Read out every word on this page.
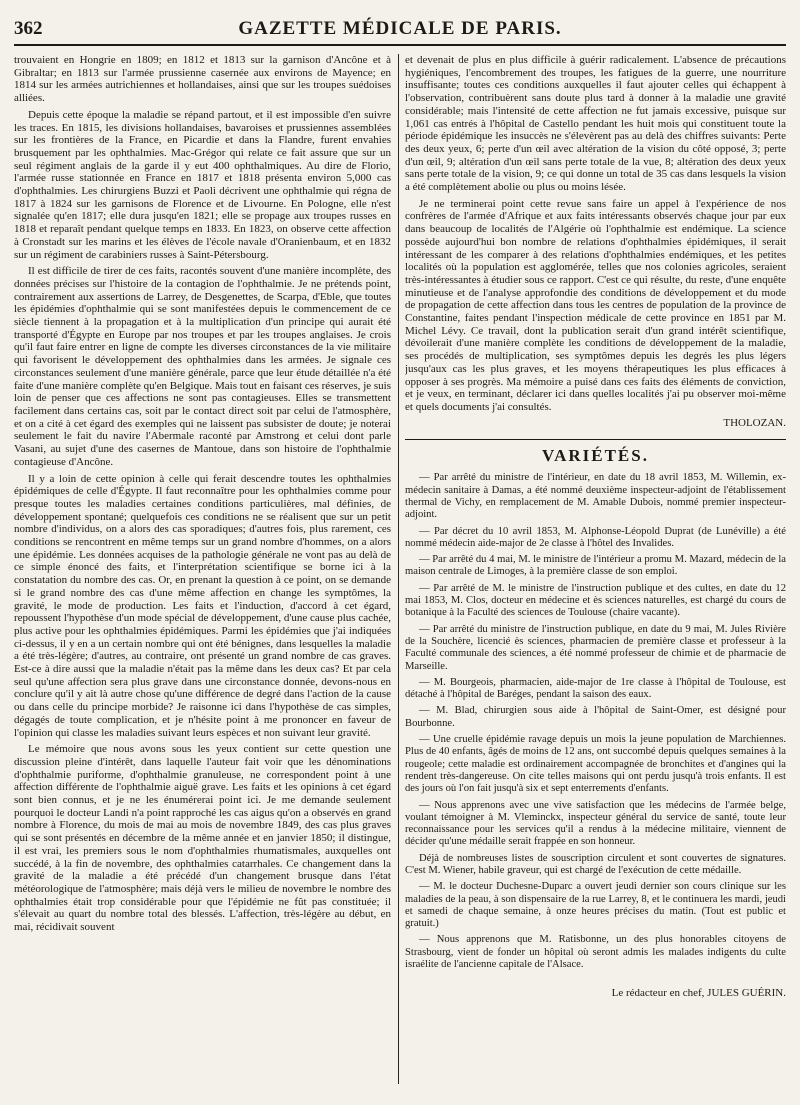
362	GAZETTE MÉDICALE DE PARIS.

trouvaient en Hongrie en 1809; en 1812 et 1813 sur la garnison d'Ancône et à Gibraltar; en 1813 sur l'armée prussienne casernée aux environs de Mayence; en 1814 sur les armées autrichiennes et hollandaises, ainsi que sur les troupes suédoises alliées.

Depuis cette époque la maladie se répand partout, et il est impossible d'en suivre les traces. En 1815, les divisions hollandaises, bavaroises et prussiennes assemblées sur les frontières de la France, en Picardie et dans la Flandre, furent envahies brusquement par les ophthalmies. Mac-Grégor qui relate ce fait assure que sur un seul régiment anglais de la garde il y eut 400 ophthalmiques. Au dire de Florio, l'armée russe stationnée en France en 1817 et 1818 présenta environ 5,000 cas d'ophthalmies. Les chirurgiens Buzzi et Paoli décrivent une ophthalmie qui régna de 1817 à 1824 sur les garnisons de Florence et de Livourne. En Pologne, elle n'est signalée qu'en 1817; elle dura jusqu'en 1821; elle se propage aux troupes russes en 1818 et reparaît pendant quelque temps en 1833. En 1823, on observe cette affection à Cronstadt sur les marins et les élèves de l'école navale d'Oranienbaum, et en 1832 sur un régiment de carabiniers russes à Saint-Pétersbourg.

Il est difficile de tirer de ces faits, racontés souvent d'une manière incomplète, des données précises sur l'histoire de la contagion de l'ophthalmie. Je ne prétends point, contrairement aux assertions de Larrey, de Desgenettes, de Scarpa, d'Eble, que toutes les épidémies d'ophthalmie qui se sont manifestées depuis le commencement de ce siècle tiennent à la propagation et à la multiplication d'un principe qui aurait été transporté d'Égypte en Europe par nos troupes et par les troupes anglaises. Je crois qu'il faut faire entrer en ligne de compte les diverses circonstances de la vie militaire qui favorisent le développement des ophthalmies dans les armées. Je signale ces circonstances seulement d'une manière générale, parce que leur étude détaillée n'a été faite d'une manière complète qu'en Belgique. Mais tout en faisant ces réserves, je suis loin de penser que ces affections ne sont pas contagieuses. Elles se transmettent facilement dans certains cas, soit par le contact direct soit par celui de l'atmosphère, et on a cité à cet égard des exemples qui ne laissent pas subsister de doute; je noterai seulement le fait du navire l'Abermale raconté par Amstrong et celui dont parle Vasani, au sujet d'une des casernes de Mantoue, dans son histoire de l'ophthalmie contagieuse d'Ancône.

Il y a loin de cette opinion à celle qui ferait descendre toutes les ophthalmies épidémiques de celle d'Égypte. Il faut reconnaître pour les ophthalmies comme pour presque toutes les maladies certaines conditions particulières, mal définies, de développement spontané; quelquefois ces conditions ne se réalisent que sur un petit nombre d'individus, on a alors des cas sporadiques; d'autres fois, plus rarement, ces conditions se rencontrent en même temps sur un grand nombre d'hommes, on a alors une épidémie. Les données acquises de la pathologie générale ne vont pas au delà de ce simple énoncé des faits, et l'interprétation scientifique se borne ici à la constatation du nombre des cas. Or, en prenant la question à ce point, on se demande si le grand nombre des cas d'une même affection en change les symptômes, la gravité, le mode de production. Les faits et l'induction, d'accord à cet égard, repoussent l'hypothèse d'un mode spécial de développement, d'une cause plus cachée, plus active pour les ophthalmies épidémiques. Parmi les épidémies que j'ai indiquées ci-dessus, il y en a un certain nombre qui ont été bénignes, dans lesquelles la maladie a été très-légère; d'autres, au contraire, ont présenté un grand nombre de cas graves. Est-ce à dire aussi que la maladie n'était pas la même dans les deux cas? Et par cela seul qu'une affection sera plus grave dans une circonstance donnée, devons-nous en conclure qu'il y ait là autre chose qu'une différence de degré dans l'action de la cause ou dans celle du principe morbide? Je raisonne ici dans l'hypothèse de cas simples, dégagés de toute complication, et je n'hésite point à me prononcer en faveur de l'opinion qui classe les maladies suivant leurs espèces et non suivant leur gravité.

Le mémoire que nous avons sous les yeux contient sur cette question une discussion pleine d'intérêt, dans laquelle l'auteur fait voir que les dénominations d'ophthalmie puriforme, d'ophthalmie granuleuse, ne correspondent point à une affection différente de l'ophthalmie aiguë grave. Les faits et les opinions à cet égard sont bien connus, et je ne les énumérerai point ici. Je me demande seulement pourquoi le docteur Landi n'a point rapproché les cas aigus qu'on a observés en grand nombre à Florence, du mois de mai au mois de novembre 1849, des cas plus graves qui se sont présentés en décembre de la même année et en janvier 1850; il distingue, il est vrai, les premiers sous le nom d'ophthalmies rhumatismales, auxquelles ont succédé, à la fin de novembre, des ophthalmies catarrhales. Ce changement dans la gravité de la maladie a été précédé d'un changement brusque dans l'état météorologique de l'atmosphère; mais déjà vers le milieu de novembre le nombre des ophthalmies était trop considérable pour que l'épidémie ne fût pas constituée; il s'élevait au quart du nombre total des blessés. L'affection, très-légère au début, en mai, récidivait souvent

et devenait de plus en plus difficile à guérir radicalement. L'absence de précautions hygiéniques, l'encombrement des troupes, les fatigues de la guerre, une nourriture insuffisante; toutes ces conditions auxquelles il faut ajouter celles qui échappent à l'observation, contribuèrent sans doute plus tard à donner à la maladie une gravité considérable; mais l'intensité de cette affection ne fut jamais excessive, puisque sur 1,061 cas entrés à l'hôpital de Castello pendant les huit mois qui constituent toute la période épidémique les insuccès ne s'élevèrent pas au delà des chiffres suivants: Perte des deux yeux, 6; perte d'un œil avec altération de la vision du côté opposé, 3; perte d'un œil, 9; altération d'un œil sans perte totale de la vue, 8; altération des deux yeux sans perte totale de la vision, 9; ce qui donne un total de 35 cas dans lesquels la vision a été complètement abolie ou plus ou moins lésée.

Je ne terminerai point cette revue sans faire un appel à l'expérience de nos confrères de l'armée d'Afrique et aux faits intéressants observés chaque jour par eux dans beaucoup de localités de l'Algérie où l'ophthalmie est endémique. La science possède aujourd'hui bon nombre de relations d'ophthalmies épidémiques, il serait intéressant de les comparer à des relations d'ophthalmies endémiques, et les petites localités où la population est agglomérée, telles que nos colonies agricoles, seraient très-intéressantes à étudier sous ce rapport. C'est ce qui résulte, du reste, d'une enquête minutieuse et de l'analyse approfondie des conditions de développement et du mode de propagation de cette affection dans tous les centres de population de la province de Constantine, faites pendant l'inspection médicale de cette province en 1851 par M. Michel Lévy. Ce travail, dont la publication serait d'un grand intérêt scientifique, dévoilerait d'une manière complète les conditions de développement de la maladie, ses procédés de multiplication, ses symptômes depuis les degrés les plus légers jusqu'aux cas les plus graves, et les moyens thérapeutiques les plus efficaces à opposer à ses progrès. Ma mémoire a puisé dans ces faits des éléments de conviction, et je veux, en terminant, déclarer ici dans quelles localités j'ai pu observer moi-même et quels documents j'ai consultés.

THOLOZAN.

VARIÉTÉS.

— Par arrêté du ministre de l'intérieur, en date du 18 avril 1853, M. Willemin, ex-médecin sanitaire à Damas, a été nommé deuxième inspecteur-adjoint de l'établissement thermal de Vichy, en remplacement de M. Amable Dubois, nommé premier inspecteur-adjoint.

— Par décret du 10 avril 1853, M. Alphonse-Léopold Duprat (de Lunéville) a été nommé médecin aide-major de 2e classe à l'hôtel des Invalides.

— Par arrêté du 4 mai, M. le ministre de l'intérieur a promu M. Mazard, médecin de la maison centrale de Limoges, à la première classe de son emploi.

— Par arrêté de M. le ministre de l'instruction publique et des cultes, en date du 12 mai 1853, M. Clos, docteur en médecine et ès sciences naturelles, est chargé du cours de botanique à la Faculté des sciences de Toulouse (chaire vacante).

— Par arrêté du ministre de l'instruction publique, en date du 9 mai, M. Jules Rivière de la Souchère, licencié ès sciences, pharmacien de première classe et professeur à la Faculté communale des sciences, a été nommé professeur de chimie et de pharmacie de Marseille.

— M. Bourgeois, pharmacien, aide-major de 1re classe à l'hôpital de Toulouse, est détaché à l'hôpital de Baréges, pendant la saison des eaux.

— M. Blad, chirurgien sous aide à l'hôpital de Saint-Omer, est désigné pour Bourbonne.

— Une cruelle épidémie ravage depuis un mois la jeune population de Marchiennes. Plus de 40 enfants, âgés de moins de 12 ans, ont succombé depuis quelques semaines à la rougeole; cette maladie est ordinairement accompagnée de bronchites et d'angines qui la rendent très-dangereuse. On cite telles maisons qui ont perdu jusqu'à trois enfants. Il est des jours où l'on fait jusqu'à six et sept enterrements d'enfants.

— Nous apprenons avec une vive satisfaction que les médecins de l'armée belge, voulant témoigner à M. Vleminckx, inspecteur général du service de santé, toute leur reconnaissance pour les services qu'il a rendus à la médecine militaire, viennent de décider qu'une médaille serait frappée en son honneur.

Déjà de nombreuses listes de souscription circulent et sont couvertes de signatures. C'est M. Wiener, habile graveur, qui est chargé de l'exécution de cette médaille.

— M. le docteur Duchesne-Duparc a ouvert jeudi dernier son cours clinique sur les maladies de la peau, à son dispensaire de la rue Larrey, 8, et le continuera les mardi, jeudi et samedi de chaque semaine, à onze heures précises du matin. (Tout est public et gratuit.)

— Nous apprenons que M. Ratisbonne, un des plus honorables citoyens de Strasbourg, vient de fonder un hôpital où seront admis les malades indigents du culte israélite de l'ancienne capitale de l'Alsace.

Le rédacteur en chef, JULES GUÉRIN.
